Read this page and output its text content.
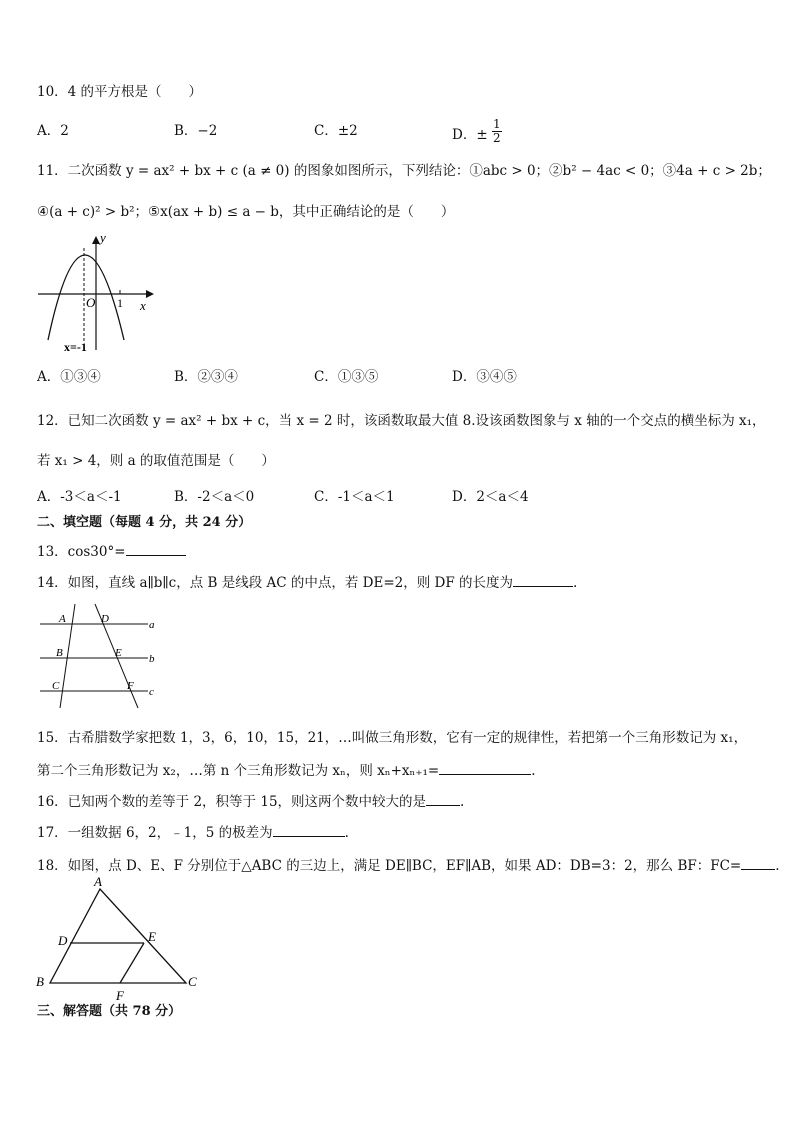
10．4 的平方根是（　　）
A．2	B．−2	C．±2	D．± $\frac{1}{2}$
11．二次函数 y = ax² + bx + c (a ≠ 0) 的图象如图所示，下列结论：①abc > 0；②b² − 4ac < 0；③4a + c > 2b；
④(a + c)² > b²；⑤x(ax + b) ≤ a − b，其中正确结论的是（　　）
y
x
O 1
x=-1
A．①③④	B．②③④	C．①③⑤	D．③④⑤
12．已知二次函数 y = ax² + bx + c，当 x = 2 时，该函数取最大值 8.设该函数图象与 x 轴的一个交点的横坐标为 x₁，
若 x₁ > 4，则 a 的取值范围是（　　）
A．-3＜a＜-1	B．-2＜a＜0	C．-1＜a＜1	D．2＜a＜4
二、填空题（每题 4 分，共 24 分）
13．cos30°=
14．如图，直线 a∥b∥c，点 B 是线段 AC 的中点，若 DE=2，则 DF 的长度为	.
A	D	a
B	E b
C	F c
15．古希腊数学家把数 1，3，6，10，15，21，…叫做三角形数，它有一定的规律性，若把第一个三角形数记为 x₁，
第二个三角形数记为 x₂，…第 n 个三角形数记为 xₙ，则 xₙ+xₙ₊₁=	.
16．已知两个数的差等于 2，积等于 15，则这两个数中较大的是	.
17．一组数据 6，2，﹣1，5 的极差为	.
18．如图，点 D、E、F 分别位于△ABC 的三边上，满足 DE∥BC，EF∥AB，如果 AD：DB=3：2，那么 BF：FC=	.
A
D	E
B	C
F
三、解答题（共 78 分）
